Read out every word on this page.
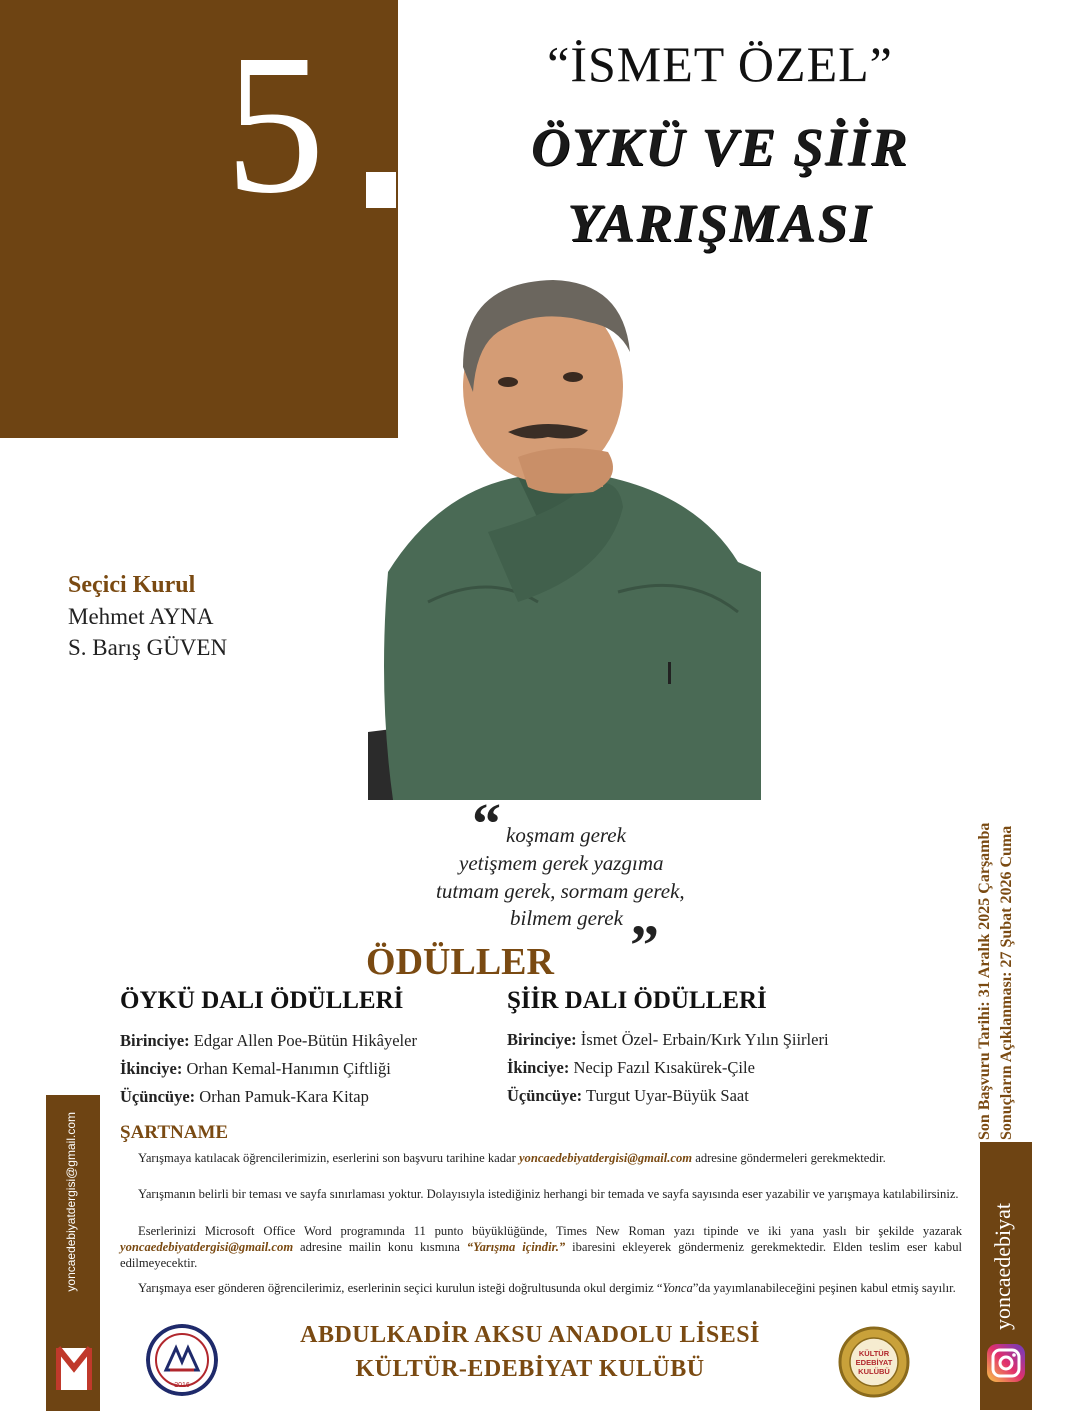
5	“İSMET ÖZEL”
ÖYKÜ VE ŞİİR
YARIŞMASI
Seçici Kurul
Mehmet AYNA
S. Barış GÜVEN
“ koşmam gerek
yetişmem gerek yazgıma
tutmam gerek, sormam gerek,
bilmem gerek ”
ÖDÜLLER
ÖYKÜ DALI ÖDÜLLERİ
Birinciye: Edgar Allen Poe-Bütün Hikâyeler
İkinciye: Orhan Kemal-Hanımın Çiftliği
Üçüncüye: Orhan Pamuk-Kara Kitap
ŞİİR DALI ÖDÜLLERİ
Birinciye: İsmet Özel- Erbain/Kırk Yılın Şiirleri
İkinciye: Necip Fazıl Kısakürek-Çile
Üçüncüye: Turgut Uyar-Büyük Saat
ŞARTNAME
Yarışmaya katılacak öğrencilerimizin, eserlerini son başvuru tarihine kadar yoncaedebiyatdergisi@gmail.com adresine göndermeleri gerekmektedir.
Yarışmanın belirli bir teması ve sayfa sınırlaması yoktur. Dolayısıyla istediğiniz herhangi bir temada ve sayfa sayısında eser yazabilir ve yarışmaya katılabilirsiniz.
Eserlerinizi Microsoft Office Word programında 11 punto büyüklüğünde, Times New Roman yazı tipinde ve iki yana yaslı bir şekilde yazarak yoncaedebiyatdergisi@gmail.com adresine mailin konu kısmına “Yarışma içindir.” ibaresini ekleyerek göndermeniz gerekmektedir. Elden teslim eser kabul edilmeyecektir.
Yarışmaya eser gönderen öğrencilerimiz, eserlerinin seçici kurulun isteği doğrultusunda okul dergimiz “Yonca”da yayımlanabileceğini peşinen kabul etmiş sayılır.
ABDULKADİR AKSU ANADOLU LİSESİ
KÜLTÜR-EDEBİYAT KULÜBÜ
2016
KÜLTÜR
EDEBİYAT
KULÜBÜ
yoncaedebiyatdergisi@gmail.com
Son Başvuru Tarihi: 31 Aralık 2025 Çarşamba Sonuçların Açıklanması: 27 Şubat 2026 Cuma
yoncaedebiyat
